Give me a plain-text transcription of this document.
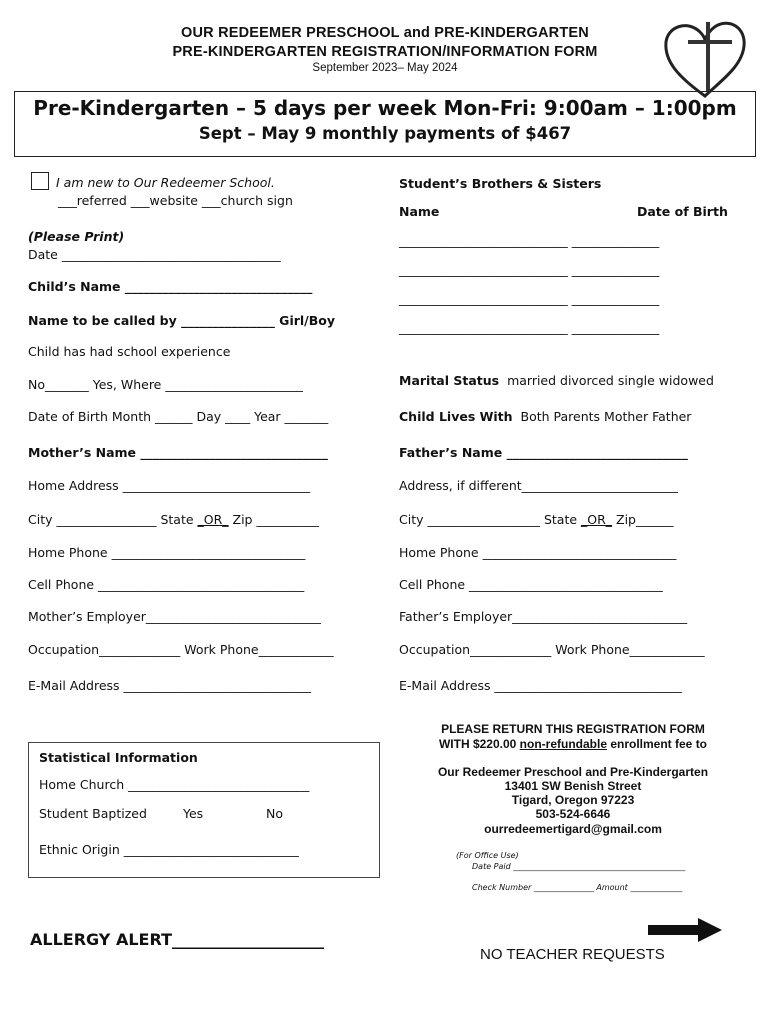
OUR REDEEMER PRESCHOOL and PRE-KINDERGARTEN
PRE-KINDERGARTEN REGISTRATION/INFORMATION FORM
September 2023– May 2024
Pre-Kindergarten – 5 days per week Mon-Fri: 9:00am – 1:00pm
Sept – May 9 monthly payments of $467
I am new to Our Redeemer School.
___referred ___website ___church sign
(Please Print)
Date ___________________________________
Child’s Name ______________________________
Name to be called by _______________ Girl/Boy
Child has had school experience
No_______ Yes, Where ______________________
Date of Birth Month ______ Day ____ Year _______
Mother’s Name ______________________________
Home Address ______________________________
City ________________ State _OR_ Zip __________
Home Phone _______________________________
Cell Phone _________________________________
Mother’s Employer____________________________
Occupation_____________ Work Phone____________
E-Mail Address ______________________________
Student’s Brothers & Sisters
Name	Date of Birth
___________________________ ______________
___________________________ ______________
___________________________ ______________
___________________________ ______________
Marital Status married divorced single widowed
Child Lives With Both Parents Mother Father
Father’s Name _____________________________
Address, if different_________________________
City __________________ State _OR_ Zip______
Home Phone _______________________________
Cell Phone _______________________________
Father’s Employer____________________________
Occupation_____________ Work Phone____________
E-Mail Address ______________________________
PLEASE RETURN THIS REGISTRATION FORM
WITH $220.00 non-refundable enrollment fee to
Our Redeemer Preschool and Pre-Kindergarten
13401 SW Benish Street
Tigard, Oregon 97223
503-524-6646
ourredeemertigard@gmail.com
(For Office Use)
Date Paid ___________________________________________
Check Number _______________ Amount _____________
Statistical Information
Home Church _____________________________
Student Baptized	Yes	No
Ethnic Origin ____________________________
ALLERGY ALERT___________________
NO TEACHER REQUESTS
